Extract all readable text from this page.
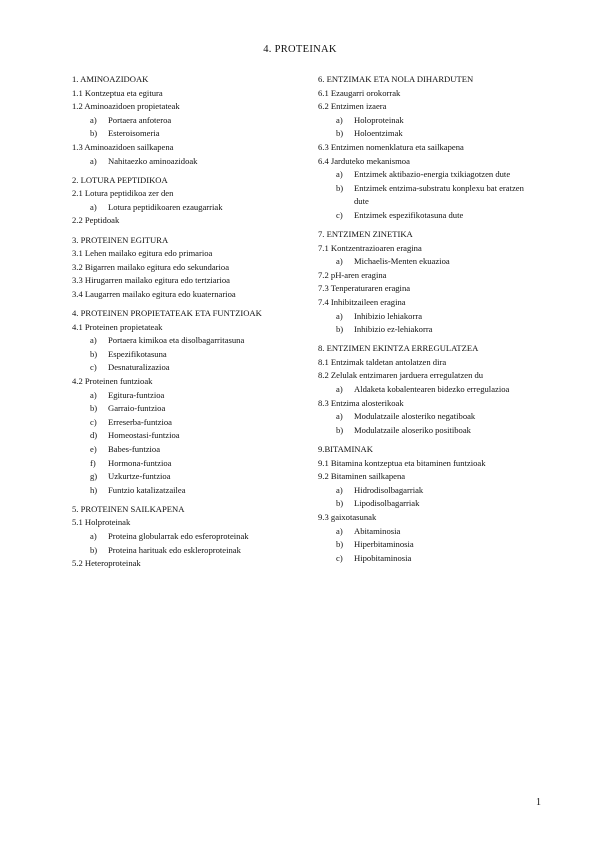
4. PROTEINAK
1. AMINOAZIDOAK
1.1 Kontzeptua eta egitura
1.2 Aminoazidoen propietateak
a) Portaera anfoteroa
b) Esteroisomeria
1.3 Aminoazidoen sailkapena
a) Nahitaezko aminoazidoak
2. LOTURA PEPTIDIKOA
2.1 Lotura peptidikoa zer den
a) Lotura peptidikoaren ezaugarriak
2.2 Peptidoak
3. PROTEINEN EGITURA
3.1 Lehen mailako egitura edo primarioa
3.2 Bigarren mailako egitura edo sekundarioa
3.3 Hirugarren mailako egitura edo tertziarioa
3.4 Laugarren mailako egitura edo kuaternarioa
4. PROTEINEN PROPIETATEAK ETA FUNTZIOAK
4.1 Proteinen propietateak
a) Portaera kimikoa eta disolbagarritasuna
b) Espezifikotasuna
c) Desnaturalizazioa
4.2 Proteinen funtzioak
a) Egitura-funtzioa
b) Garraio-funtzioa
c) Erreserba-funtzioa
d) Homeostasi-funtzioa
e) Babes-funtzioa
f) Hormona-funtzioa
g) Uzkurtze-funtzioa
h) Funtzio katalizatzailea
5. PROTEINEN SAILKAPENA
5.1 Holproteinak
a) Proteina globularrak edo esferoproteinak
b) Proteina harituak edo eskleroproteinak
5.2 Heteroproteinak
6. ENTZIMAK ETA NOLA DIHARDUTEN
6.1 Ezaugarri orokorrak
6.2 Entzimen izaera
a) Holoproteinak
b) Holoentzimak
6.3 Entzimen nomenklatura eta sailkapena
6.4 Jarduteko mekanismoa
a) Entzimek aktibazio-energia txikiagotzen dute
b) Entzimek entzima-substratu konplexu bat eratzen dute
c) Entzimek espezifikotasuna dute
7. ENTZIMEN ZINETIKA
7.1 Kontzentrazioaren eragina
a) Michaelis-Menten ekuazioa
7.2 pH-aren eragina
7.3 Tenperaturaren eragina
7.4 Inhibitzaileen eragina
a) Inhibizio lehiakorra
b) Inhibizio ez-lehiakorra
8. ENTZIMEN EKINTZA ERREGULATZEA
8.1 Entzimak taldetan antolatzen dira
8.2 Zelulak entzimaren jarduera erregulatzen du
a) Aldaketa kobalentearen bidezko erregulazioa
8.3 Entzima alosterikoak
a) Modulatzaile alosteriko negatiboak
b) Modulatzaile aloseriko positiboak
9.BITAMINAK
9.1 Bitamina kontzeptua eta bitaminen funtzioak
9.2 Bitaminen sailkapena
a) Hidrodisolbagarriak
b) Lipodisolbagarriak
9.3 gaixotasunak
a) Abitaminosia
b) Hiperbitaminosia
c) Hipobitaminosia
1
